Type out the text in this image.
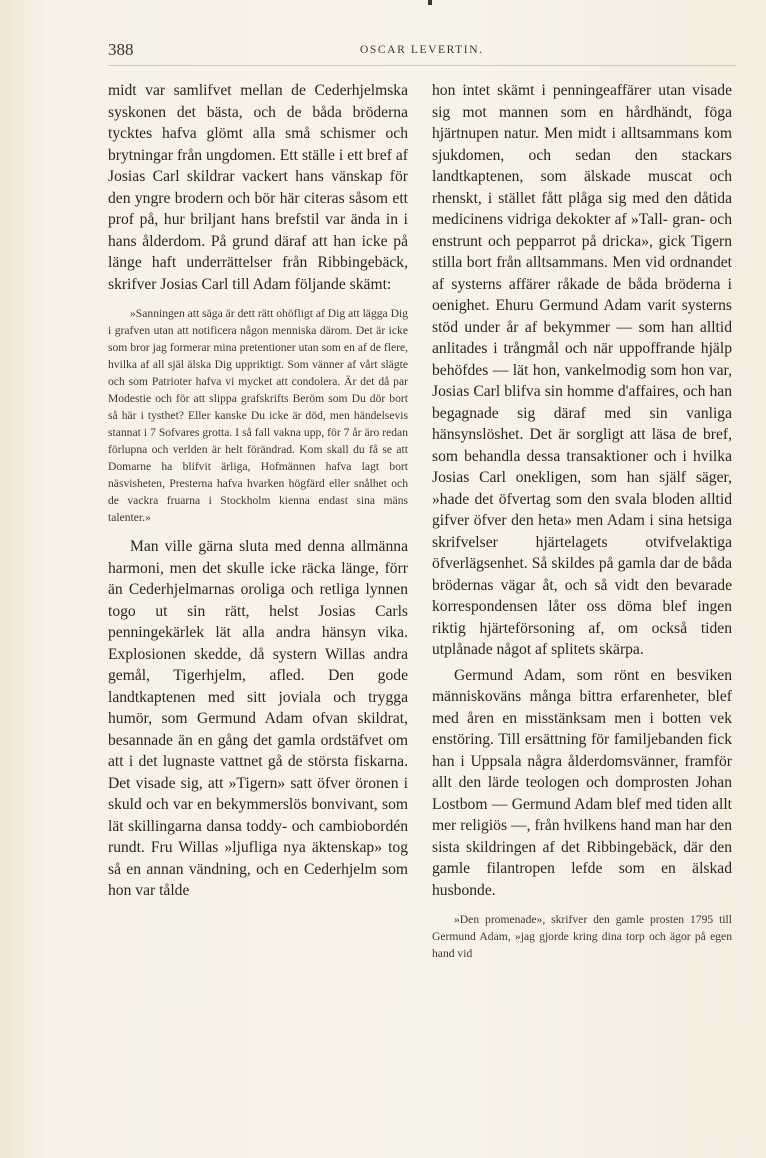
388	OSCAR LEVERTIN.

midt var samlifvet mellan de Cederhjelmska syskonen det bästa, och de båda bröderna tycktes hafva glömt alla små schismer och brytningar från ungdomen. Ett ställe i ett bref af Josias Carl skildrar vackert hans vänskap för den yngre brodern och bör här citeras såsom ett prof på, hur briljant hans brefstil var ända in i hans ålderdom. På grund däraf att han icke på länge haft underrättelser från Ribbingebäck, skrifver Josias Carl till Adam följande skämt:

»Sanningen att säga är dett rätt ohöfligt af Dig att lägga Dig i grafven utan att notificera någon menniska därom. Det är icke som bror jag formerar mina pretentioner utan som en af de flere, hvilka af all själ älska Dig uppriktigt. Som vänner af vårt slägte och som Patrioter hafva vi mycket att condolera. Är det då par Modestie och för att slippa grafskrifts Beröm som Du dör bort så här i tysthet? Eller kanske Du icke är död, men händelsevis stannat i 7 Sofvares grotta. I så fall vakna upp, för 7 år äro redan förlupna och verlden är helt förändrad. Kom skall du få se att Domarne ha blifvit ärliga, Hofmännen hafva lagt bort näsvisheten, Presterna hafva hvarken högfärd eller snålhet och de vackra fruarna i Stockholm kienna endast sina mäns talenter.»

Man ville gärna sluta med denna allmänna harmoni, men det skulle icke räcka länge, förr än Cederhjelmarnas oroliga och retliga lynnen togo ut sin rätt, helst Josias Carls penningekärlek lät alla andra hänsyn vika. Explosionen skedde, då systern Willas andra gemål, Tigerhjelm, afled. Den gode landtkaptenen med sitt joviala och trygga humör, som Germund Adam ofvan skildrat, besannade än en gång det gamla ordstäfvet om att i det lugnaste vattnet gå de största fiskarna. Det visade sig, att »Tigern» satt öfver öronen i skuld och var en bekymmerslös bonvivant, som lät skillingarna dansa toddy- och cambiobordén rundt. Fru Willas »ljufliga nya äktenskap» tog så en annan vändning, och en Cederhjelm som hon var tålde

hon intet skämt i penningeaffärer utan visade sig mot mannen som en hårdhändt, föga hjärtnupen natur. Men midt i alltsammans kom sjukdomen, och sedan den stackars landtkaptenen, som älskade muscat och rhenskt, i stället fått plåga sig med den dåtida medicinens vidriga dekokter af »Tall- gran- och enstrunt och pepparrot på dricka», gick Tigern stilla bort från alltsammans. Men vid ordnandet af systerns affärer råkade de båda bröderna i oenighet. Ehuru Germund Adam varit systerns stöd under år af bekymmer — som han alltid anlitades i trångmål och när uppoffrande hjälp behöfdes — lät hon, vankelmodig som hon var, Josias Carl blifva sin homme d'affaires, och han begagnade sig däraf med sin vanliga hänsynslöshet. Det är sorgligt att läsa de bref, som behandla dessa transaktioner och i hvilka Josias Carl onekligen, som han själf säger, »hade det öfvertag som den svala bloden alltid gifver öfver den heta» men Adam i sina hetsiga skrifvelser hjärtelagets otvifvelaktiga öfverlägsenhet. Så skildes på gamla dar de båda brödernas vägar åt, och så vidt den bevarade korrespondensen låter oss döma blef ingen riktig hjärteförsoning af, om också tiden utplånade något af splitets skärpa.

Germund Adam, som rönt en besviken människoväns många bittra erfarenheter, blef med åren en misstänksam men i botten vek enstöring. Till ersättning för familjebanden fick han i Uppsala några ålderdomsvänner, framför allt den lärde teologen och domprosten Johan Lostbom — Germund Adam blef med tiden allt mer religiös —, från hvilkens hand man har den sista skildringen af det Ribbingebäck, där den gamle filantropen lefde som en älskad husbonde.

»Den promenade», skrifver den gamle prosten 1795 till Germund Adam, »jag gjorde kring dina torp och ägor på egen hand vid
